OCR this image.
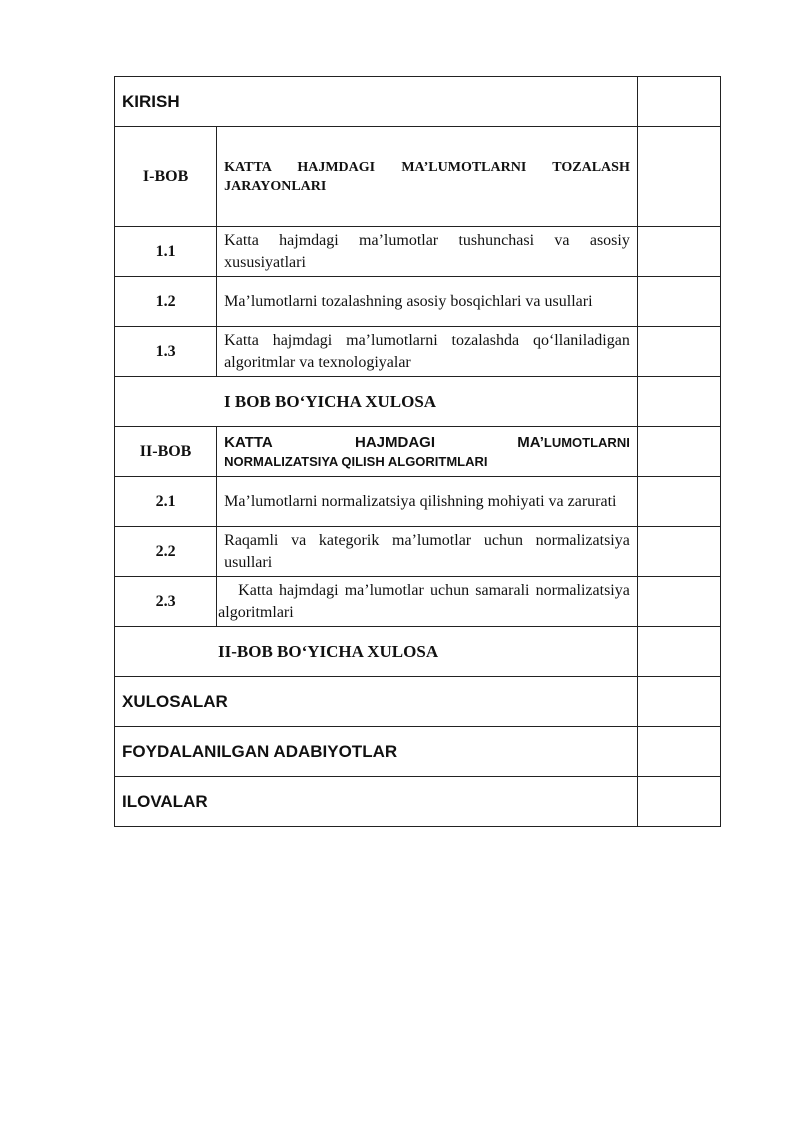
KIRISH		
I-BOB	KATTA HAJMDAGI MA’LUMOTLARNI TOZALASH JARAYONLARI	
1.1	Katta hajmdagi ma’lumotlar tushunchasi va asosiy xususiyatlari	
1.2	Ma’lumotlarni tozalashning asosiy bosqichlari va usullari	
1.3	Katta hajmdagi ma’lumotlarni tozalashda qo‘llaniladigan algoritmlar va texnologiyalar	
I BOB BO‘YICHA XULOSA		
II-BOB	KATTA HAJMDAGI MA’LUMOTLARNI
NORMALIZATSIYA QILISH ALGORITMLARI	

2.1	Ma’lumotlarni normalizatsiya qilishning mohiyati va zarurati	
2.2	Raqamli va kategorik ma’lumotlar uchun normalizatsiya usullari	
2.3	Katta hajmdagi ma’lumotlar uchun samarali normalizatsiya algoritmlari	
II-BOB BO‘YICHA XULOSA		
XULOSALAR		
FOYDALANILGAN ADABIYOTLAR		
ILOVALAR		
